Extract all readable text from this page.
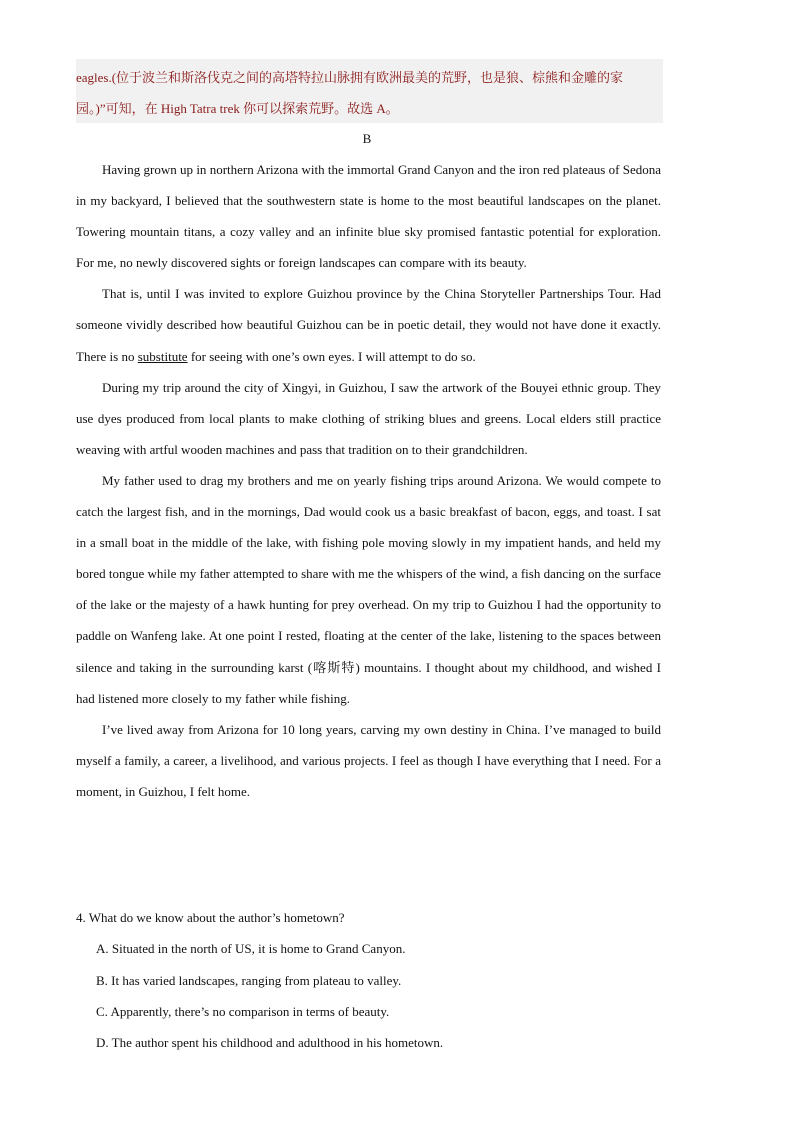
eagles.(位于波兰和斯洛伐克之间的高塔特拉山脉拥有欧洲最美的荒野，也是狼、棕熊和金雕的家
园。)”可知，在 High Tatra trek 你可以探索荒野。故选 A。
B

Having grown up in northern Arizona with the immortal Grand Canyon and the iron red plateaus of Sedona in my backyard, I believed that the southwestern state is home to the most beautiful landscapes on the planet. Towering mountain titans, a cozy valley and an infinite blue sky promised fantastic potential for exploration. For me, no newly discovered sights or foreign landscapes can compare with its beauty.

That is, until I was invited to explore Guizhou province by the China Storyteller Partnerships Tour. Had someone vividly described how beautiful Guizhou can be in poetic detail, they would not have done it exactly. There is no substitute for seeing with one’s own eyes. I will attempt to do so.

During my trip around the city of Xingyi, in Guizhou, I saw the artwork of the Bouyei ethnic group. They use dyes produced from local plants to make clothing of striking blues and greens. Local elders still practice weaving with artful wooden machines and pass that tradition on to their grandchildren.

My father used to drag my brothers and me on yearly fishing trips around Arizona. We would compete to catch the largest fish, and in the mornings, Dad would cook us a basic breakfast of bacon, eggs, and toast. I sat in a small boat in the middle of the lake, with fishing pole moving slowly in my impatient hands, and held my bored tongue while my father attempted to share with me the whispers of the wind, a fish dancing on the surface of the lake or the majesty of a hawk hunting for prey overhead. On my trip to Guizhou I had the opportunity to paddle on Wanfeng lake. At one point I rested, floating at the center of the lake, listening to the spaces between silence and taking in the surrounding karst (喀斯特) mountains. I thought about my childhood, and wished I had listened more closely to my father while fishing.

I’ve lived away from Arizona for 10 long years, carving my own destiny in China. I’ve managed to build myself a family, a career, a livelihood, and various projects. I feel as though I have everything that I need. For a moment, in Guizhou, I felt home.

4. What do we know about the author’s hometown?

A. Situated in the north of US, it is home to Grand Canyon.

B. It has varied landscapes, ranging from plateau to valley.

C. Apparently, there’s no comparison in terms of beauty.

D. The author spent his childhood and adulthood in his hometown.
